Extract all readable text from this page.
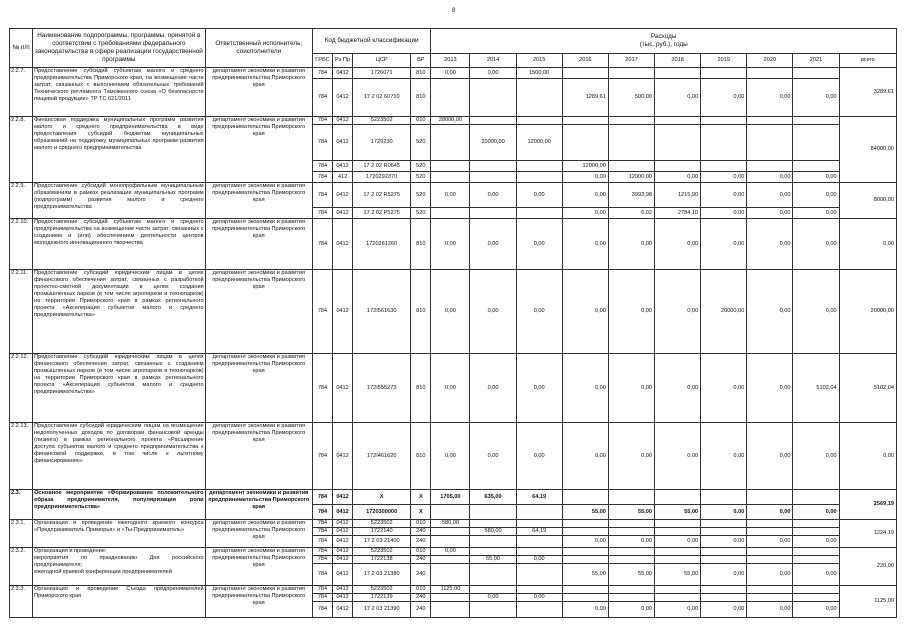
8
№ п/п	Наименование подпрограммы, программы, принятой в соответствии с требованиями федерального законодательства в сфере реализации государственной программы	Ответственный исполнитель, соисполнители	Код бюджетной классификации				Расходы
(тыс. руб.), годы									
			ГРБС	Рз Пр	ЦСР	ВР	2013	2014	2015	2016	2017	2018	2019	2020	2021	всего
2.2.7.	Предоставление субсидий субъектам малого и среднего предпринимательства Приморского края, на возмещение части затрат, связанных с выполнением обязательных требований Технического регламента Таможенного союза «О безопасности пищевой продукции» ТР ТС 021/2011	департамент экономики и развития предпринимательства Приморского края	784	0412	1726071	810	0,00	0,00	1500,00							3289,61
			784	0412	17 2 02 60710	810				1289,61	500,00	0,00	0,00	0,00	0,00	
2.2.8.	Финансовая поддержка муниципальных программ развития малого и среднего предпринимательства в виде предоставления субсидий бюджетам муниципальных образований на поддержку муниципальных программ развития малого и среднего предпринимательства	департамент экономики и развития предпринимательства Приморского края	784	0412	5223502	010	28000,00									84000,00
			784	0412	1729230	520		20000,00	12000,00							
			784	0412	17 2 02 R0645	520				12000,00						
			784	412	1720292370	520				0,00	12000,00	0,00	0,00	0,00	0,00	
2.2.9.	Предоставление субсидий монопрофильным муниципальным образованиям в рамках реализации муниципальных программ (подпрограмм) развития малого и среднего предпринимательства	департамент экономики и развития предпринимательства Приморского края	784	0412	17 2 02 R5275	520	0,00	0,00	0,00	0,00	3993,98	1215,90	0,00	0,00	0,00	8000,00
			784	0412	17 2 02 P5275	520				0,00	6,02	2784,10	0,00	0,00	0,00	
2.2.10.	Предоставление субсидий субъектам малого и среднего предпринимательства на возмещение части затрат, связанных с созданием и (или) обеспечением деятельности центров молодежного инновационного творчества	департамент экономики и развития предпринимательства Приморского края	784	0412	1720261260	810	0,00	0,00	0,00	0,00	0,00	0,00	0,00	0,00	0,00	0,00
2.2.11.	Предоставление субсидий юридическим лицам в целях финансового обеспечения затрат, связанных с разработкой проектно-сметной документации в целях создания промышленных парков (в том числе агропарков и технопарков) на территории Приморского края в рамках регионального проекта «Акселерация субъектов малого и среднего предпринимательства»	департамент экономики и развития предпринимательства Приморского края	784	0412	172I561630	810	0,00	0,00	0,00	0,00	0,00	0,00	20000,00	0,00	0,00	20000,00
2.2.12.	Предоставление субсидий юридическим лицам в целях финансового обеспечения затрат, связанных с созданием промышленных парков (в том числе агропарков и технопарков) на территории Приморского края в рамках регионального проекта «Акселерация субъектов малого и среднего предпринимательства»	департамент экономики и развития предпринимательства Приморского края	784	0412	172I555273	810	0,00	0,00	0,00	0,00	0,00	0,00	0,00	0,00	5102,04	5102,04
2.2.13.	Предоставление субсидий юридическим лицам на возмещение недополученных доходов по договорам финансовой аренды (лизинга) в рамках регионального проекта «Расширение доступа субъектов малого и среднего предпринимательства к финансовой поддержке, в том числе к льготному финансированию»	департамент экономики и развития предпринимательства Приморского края	784	0412	172I461620	810	0,00	0,00	0,00	0,00	0,00	0,00	0,00	0,00	0,00	0,00
2.3.	Основное мероприятие «Формирование положительного образа предпринимателя, популяризация роли предпринимательства»	департамент экономики и развития предпринимательства Приморского края	784	0412	X	X	1705,00	635,00	64,19							2569,19
			784	0412	1720300000	X				55,00	55,00	55,00	0,00	0,00	0,00	
2.3.1.	Организация и проведение ежегодного краевого конкурса «Предприниматель Приморья» и «Ты-Предприниматель»	департамент экономики и развития предпринимательства Приморского края	784	0412	5223502	010	580,00									1224,19
			784	0412	1722140	240		580,00	64,19							
			784	0412	17 2 03 21400	240				0,00	0,00	0,00	0,00	0,00	0,00	
2.3.2.	Организация и проведение:
мероприятия по празднованию Дня российского предпринимателя;
ежегодной краевой конференции предпринимателей	департамент экономики и развития предпринимательства Приморского края	784	0412	5223502	010	0,00									220,00
			784	0412	1722138	240		55,00	0,00							
			784	0412	17 2 03 21380	240				55,00	55,00	55,00	0,00	0,00	0,00	
2.3.3.	Организация и проведение Съезда предпринимателей Приморского края	департамент экономики и развития предпринимательства Приморского края	784	0412	5223502	010	1125,00									1125,00
			784	0412	1722139	240		0,00	0,00							
			784	0412	17 2 03 21390	240				0,00	0,00	0,00	0,00	0,00	0,00	
